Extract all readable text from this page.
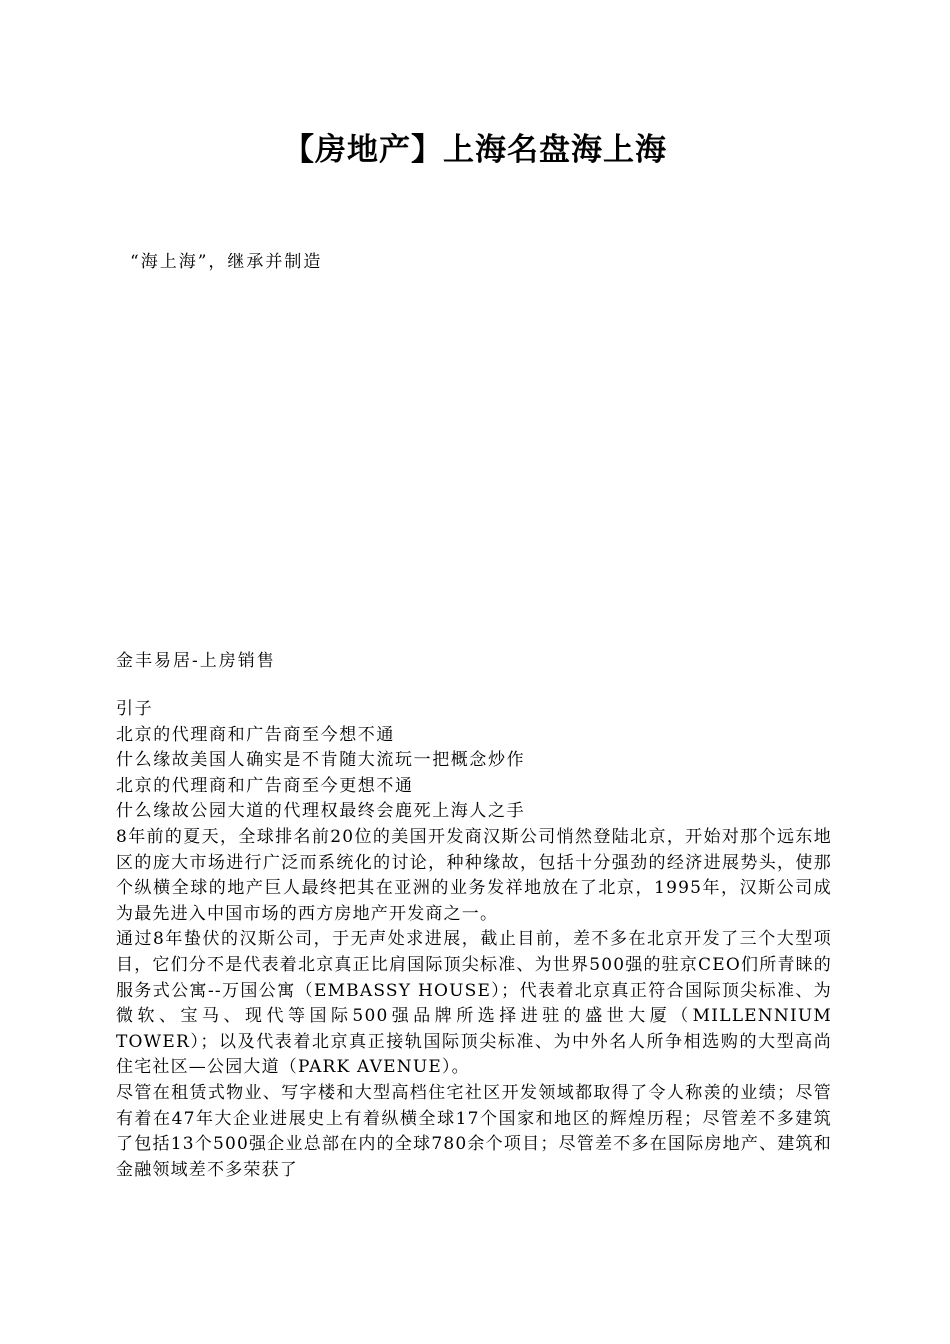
【房地产】上海名盘海上海

“海上海”，继承并制造

金丰易居-上房销售

引子
北京的代理商和广告商至今想不通
什么缘故美国人确实是不肯随大流玩一把概念炒作
北京的代理商和广告商至今更想不通
什么缘故公园大道的代理权最终会鹿死上海人之手

8年前的夏天，全球排名前20位的美国开发商汉斯公司悄然登陆北京，开始对那个远东地区的庞大市场进行广泛而系统化的讨论，种种缘故，包括十分强劲的经济进展势头，使那个纵横全球的地产巨人最终把其在亚洲的业务发祥地放在了北京，1995年，汉斯公司成为最先进入中国市场的西方房地产开发商之一。

通过8年蛰伏的汉斯公司，于无声处求进展，截止目前，差不多在北京开发了三个大型项目，它们分不是代表着北京真正比肩国际顶尖标准、为世界500强的驻京CEO们所青睐的服务式公寓--万国公寓（EMBASSY HOUSE）；代表着北京真正符合国际顶尖标准、为微软、宝马、现代等国际500强品牌所选择进驻的盛世大厦（MILLENNIUM TOWER）；以及代表着北京真正接轨国际顶尖标准、为中外名人所争相选购的大型高尚住宅社区—公园大道（PARK AVENUE）。

尽管在租赁式物业、写字楼和大型高档住宅社区开发领域都取得了令人称羡的业绩；尽管有着在47年大企业进展史上有着纵横全球17个国家和地区的辉煌历程；尽管差不多建筑了包括13个500强企业总部在内的全球780余个项目；尽管差不多在国际房地产、建筑和金融领域差不多荣获了
